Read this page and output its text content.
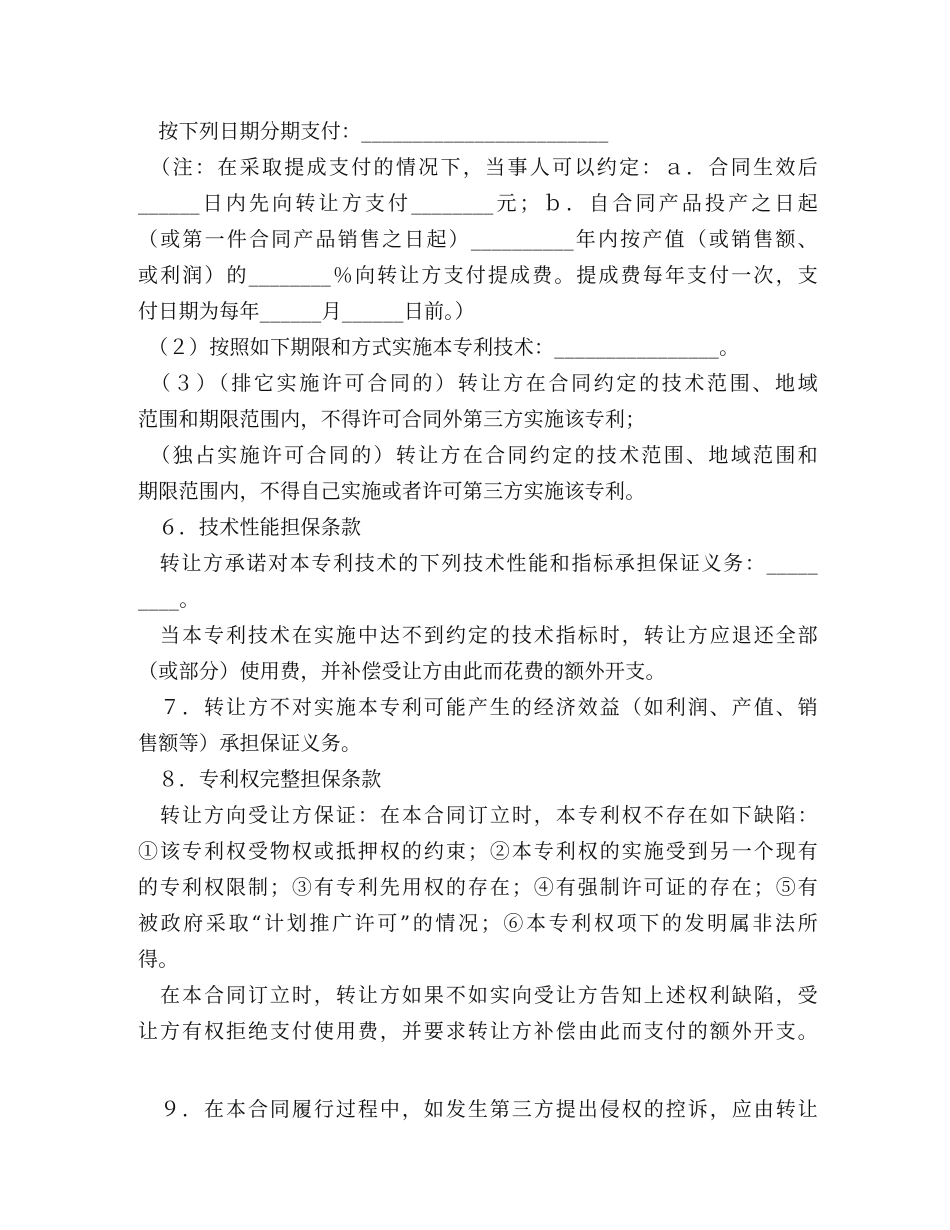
　按下列日期分期支付：________________________
　（注：在采取提成支付的情况下，当事人可以约定：ａ．合同生效后
______日内先向转让方支付________元；ｂ．自合同产品投产之日起
（或第一件合同产品销售之日起）__________年内按产值（或销售额、
或利润）的________％向转让方支付提成费。提成费每年支付一次，支
付日期为每年______月______日前。）
　（２）按照如下期限和方式实施本专利技术：________________。
　（３）（排它实施许可合同的）转让方在合同约定的技术范围、地域
范围和期限范围内，不得许可合同外第三方实施该专利；
　（独占实施许可合同的）转让方在合同约定的技术范围、地域范围和
期限范围内，不得自己实施或者许可第三方实施该专利。
　６．技术性能担保条款
　转让方承诺对本专利技术的下列技术性能和指标承担保证义务：_____
____。
　当本专利技术在实施中达不到约定的技术指标时，转让方应退还全部
（或部分）使用费，并补偿受让方由此而花费的额外开支。
　７．转让方不对实施本专利可能产生的经济效益（如利润、产值、销
售额等）承担保证义务。
　８．专利权完整担保条款
　转让方向受让方保证：在本合同订立时，本专利权不存在如下缺陷：
①该专利权受物权或抵押权的约束；②本专利权的实施受到另一个现有
的专利权限制；③有专利先用权的存在；④有强制许可证的存在；⑤有
被政府采取“计划推广许可”的情况；⑥本专利权项下的发明属非法所
得。
　在本合同订立时，转让方如果不如实向受让方告知上述权利缺陷，受
让方有权拒绝支付使用费，并要求转让方补偿由此而支付的额外开支。
　９．在本合同履行过程中，如发生第三方提出侵权的控诉，应由转让
